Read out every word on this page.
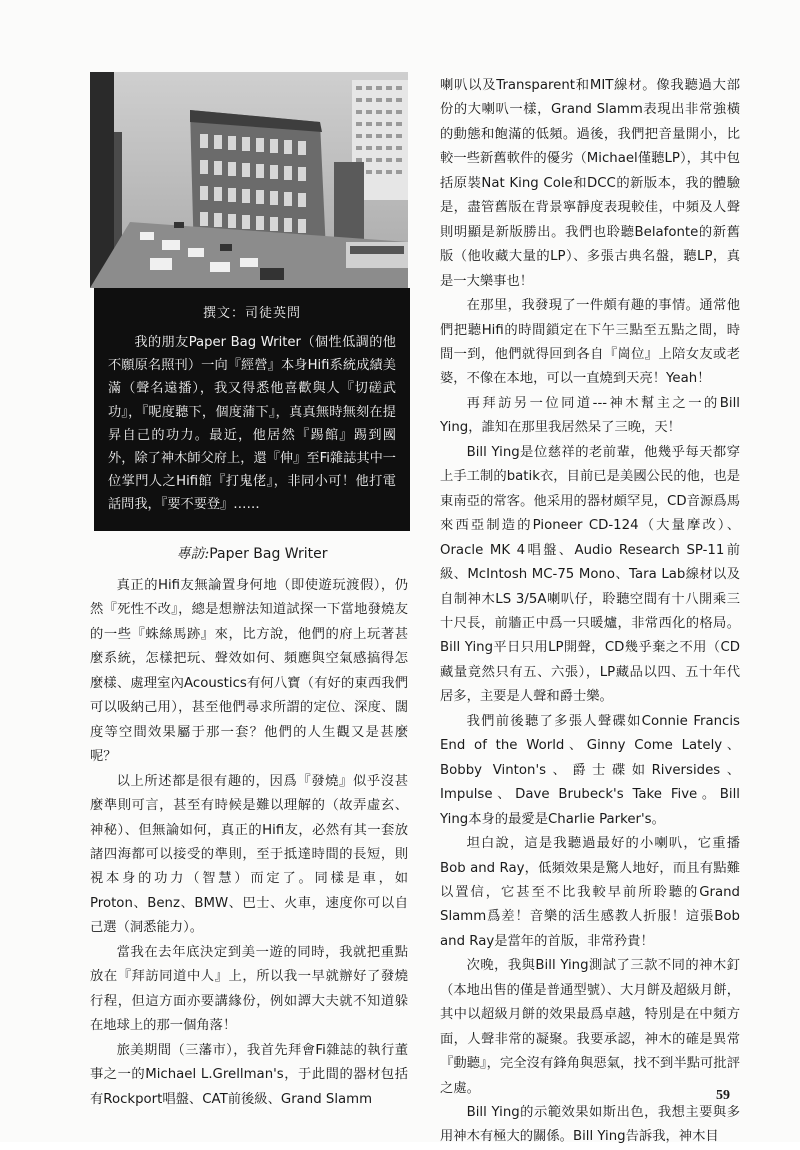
撰文：司徒英問

我的朋友Paper Bag Writer（個性低調的他不願原名照刊）一向『經營』本身Hifi系統成績美滿（聲名遠播），我又得悉他喜歡與人『切磋武功』，『呢度聽下，個度蒲下』，真真無時無刻在提昇自己的功力。最近，他居然『踢館』踢到國外，除了神木師父府上，還『伸』至Fi雜誌其中一位掌門人之Hifi館『打鬼佬』，非同小可！他打電話問我，『要不要登』……

專訪:Paper Bag Writer

真正的Hifi友無論置身何地（即使遊玩渡假），仍然『死性不改』，總是想辦法知道試探一下當地發燒友的一些『蛛絲馬跡』來，比方說，他們的府上玩著甚麼系統，怎樣把玩、聲效如何、頻應與空氣感搞得怎麼樣、處理室內Acoustics有何八寶（有好的東西我們可以吸納己用），甚至他們尋求所謂的定位、深度、闊度等空間效果屬于那一套？他們的人生觀又是甚麼呢？

以上所述都是很有趣的，因爲『發燒』似乎沒甚麼準則可言，甚至有時候是難以理解的（故弄虛玄、神秘）、但無論如何，真正的Hifi友，必然有其一套放諸四海都可以接受的準則，至于抵達時間的長短，則視本身的功力（智慧）而定了。同樣是車，如Proton、Benz、BMW、巴士、火車，速度你可以自己選（洞悉能力）。

當我在去年底決定到美一遊的同時，我就把重點放在『拜訪同道中人』上，所以我一早就辦好了發燒行程，但這方面亦要講緣份，例如譚大夫就不知道躲在地球上的那一個角落！

旅美期間（三藩市），我首先拜會Fi雜誌的執行董事之一的Michael L.Grellman's，于此間的器材包括有Rockport唱盤、CAT前後級、Grand Slamm

喇叭以及Transparent和MIT線材。像我聽過大部份的大喇叭一樣，Grand Slamm表現出非常強橫的動態和飽滿的低頻。過後，我們把音量開小，比較一些新舊軟件的優劣（Michael僅聽LP），其中包括原裝Nat King Cole和DCC的新版本，我的體驗是，盡管舊版在背景寧靜度表現較佳，中頻及人聲則明顯是新版勝出。我們也聆聽Belafonte的新舊版（他收藏大量的LP）、多張古典名盤，聽LP，真是一大樂事也！

在那里，我發現了一件頗有趣的事情。通常他們把聽Hifi的時間鎖定在下午三點至五點之間，時間一到，他們就得回到各自『崗位』上陪女友或老婆，不像在本地，可以一直燒到天亮！Yeah！

再拜訪另一位同道---神木幫主之一的Bill Ying，誰知在那里我居然呆了三晚，天！

Bill Ying是位慈祥的老前輩，他幾乎每天都穿上手工制的batik衣，目前已是美國公民的他，也是東南亞的常客。他采用的器材頗罕見，CD音源爲馬來西亞制造的Pioneer CD-124（大量摩改）、Oracle MK 4唱盤、Audio Research SP-11前級、McIntosh MC-75 Mono、Tara Lab線材以及自制神木LS 3/5A喇叭仔，聆聽空間有十八開乘三十尺長，前牆正中爲一只暖爐，非常西化的格局。Bill Ying平日只用LP開聲，CD幾乎棄之不用（CD藏量竟然只有五、六張），LP藏品以四、五十年代居多，主要是人聲和爵士樂。

我們前後聽了多張人聲碟如Connie Francis End of the World、Ginny Come Lately、Bobby Vinton's、爵士碟如Riversides、Impulse、Dave Brubeck's Take Five。Bill Ying本身的最愛是Charlie Parker's。

坦白說，這是我聽過最好的小喇叭，它重播Bob and Ray，低頻效果是驚人地好，而且有點難以置信，它甚至不比我較早前所聆聽的Grand Slamm爲差！音樂的活生感教人折服！這張Bob and Ray是當年的首版，非常矜貴！

次晚，我與Bill Ying測試了三款不同的神木釘（本地出售的僅是普通型號）、大月餅及超級月餅，其中以超級月餅的效果最爲卓越，特別是在中頻方面，人聲非常的凝聚。我要承認，神木的確是異常『動聽』，完全沒有鋒角與惡氣，找不到半點可批評之處。

Bill Ying的示範效果如斯出色，我想主要與多用神木有極大的關係。Bill Ying告訴我，神木目

59
